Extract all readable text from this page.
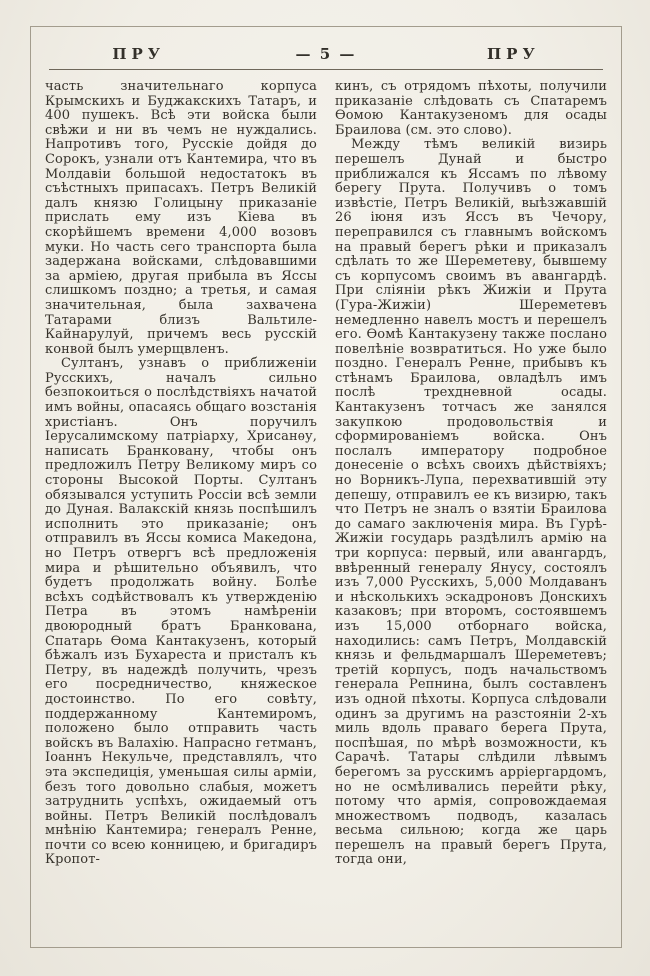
ПРУ	— 5 —	ПРУ

часть значительнаго корпуса Крымскихъ и Буджакскихъ Татаръ, и 400 пушекъ. Всѣ эти войска были свѣжи и ни въ чемъ не нуждались. Напротивъ того, Русскіе дойдя до Сорокъ, узнали отъ Кантемира, что въ Молдавіи большой недостатокъ въ съѣстныхъ припасахъ. Петръ Великій далъ князю Голицыну приказаніе прислать ему изъ Кіева въ скорѣйшемъ времени 4,000 возовъ муки. Но часть сего транспорта была задержана войсками, слѣдовавшими за арміею, другая прибыла въ Яссы слишкомъ поздно; а третья, и самая значительная, была захвачена Татарами близъ Вальтиле-Кайнарулуй, причемъ весь русскій конвой былъ умерщвленъ.

Султанъ, узнавъ о приближеніи Русскихъ, началъ сильно безпокоиться о послѣдствіяхъ начатой имъ войны, опасаясь общаго возстанія христіанъ. Онъ поручилъ Іерусалимскому патріарху, Хрисанѳу, написать Бранковану, чтобы онъ предложилъ Петру Великому миръ со стороны Высокой Порты. Султанъ обязывался уступить Россіи всѣ земли до Дуная. Валакскій князь поспѣшилъ исполнить это приказаніе; онъ отправилъ въ Яссы комиса Македона, но Петръ отвергъ всѣ предложенія мира и рѣшительно объявилъ, что будетъ продолжать войну. Болѣе всѣхъ содѣйствовалъ къ утвержденію Петра въ этомъ намѣреніи двоюродный братъ Бранкована, Спатарь Ѳома Кантакузенъ, который бѣжалъ изъ Бухареста и присталъ къ Петру, въ надеждѣ получить, чрезъ его посредничество, княжеское достоинство. По его совѣту, поддержанному Кантемиромъ, положено было отправить часть войскъ въ Валахію. Напрасно гетманъ, Іоаннъ Некульче, представлялъ, что эта экспедиція, уменьшая силы арміи, безъ того довольно слабыя, можетъ затруднить успѣхъ, ожидаемый отъ войны. Петръ Великій послѣдовалъ мнѣнію Кантемира; генералъ Ренне, почти со всею конницею, и бригадиръ Кропот-

кинъ, съ отрядомъ пѣхоты, получили приказаніе слѣдовать съ Спатаремъ Ѳомою Кантакузеномъ для осады Браилова (см. это слово).

Между тѣмъ великій визирь перешелъ Дунай и быстро приближался къ Яссамъ по лѣвому берегу Прута. Получивъ о томъ извѣстіе, Петръ Великій, выѣзжавшій 26 іюня изъ Яссъ въ Чечору, переправился съ главнымъ войскомъ на правый берегъ рѣки и приказалъ сдѣлать то же Шереметеву, бывшему съ корпусомъ своимъ въ авангардѣ. При сліяніи рѣкъ Жижіи и Прута (Гура-Жижіи) Шереметевъ немедленно навелъ мостъ и перешелъ его. Ѳомѣ Кантакузену также послано повелѣніе возвратиться. Но уже было поздно. Генералъ Ренне, прибывъ къ стѣнамъ Браилова, овладѣлъ имъ послѣ трехдневной осады. Кантакузенъ тотчасъ же занялся закупкою продовольствія и сформированіемъ войска. Онъ послалъ императору подробное донесеніе о всѣхъ своихъ дѣйствіяхъ; но Ворникъ-Лупа, перехватившій эту депешу, отправилъ ее къ визирю, такъ что Петръ не зналъ о взятіи Браилова до самаго заключенія мира. Въ Гурѣ-Жижіи государь раздѣлилъ армію на три корпуса: первый, или авангардъ, ввѣренный генералу Янусу, состоялъ изъ 7,000 Русскихъ, 5,000 Молдаванъ и нѣсколькихъ эскадроновъ Донскихъ казаковъ; при второмъ, состоявшемъ изъ 15,000 отборнаго войска, находились: самъ Петръ, Молдавскій князь и фельдмаршалъ Шереметевъ; третій корпусъ, подъ начальствомъ генерала Репнина, былъ составленъ изъ одной пѣхоты. Корпуса слѣдовали одинъ за другимъ на разстояніи 2-хъ миль вдоль праваго берега Прута, поспѣшая, по мѣрѣ возможности, къ Сарачѣ. Татары слѣдили лѣвымъ берегомъ за русскимъ арріергардомъ, но не осмѣливались перейти рѣку, потому что армія, сопровождаемая множествомъ подводъ, казалась весьма сильною; когда же царь перешелъ на правый берегъ Прута, тогда они,
